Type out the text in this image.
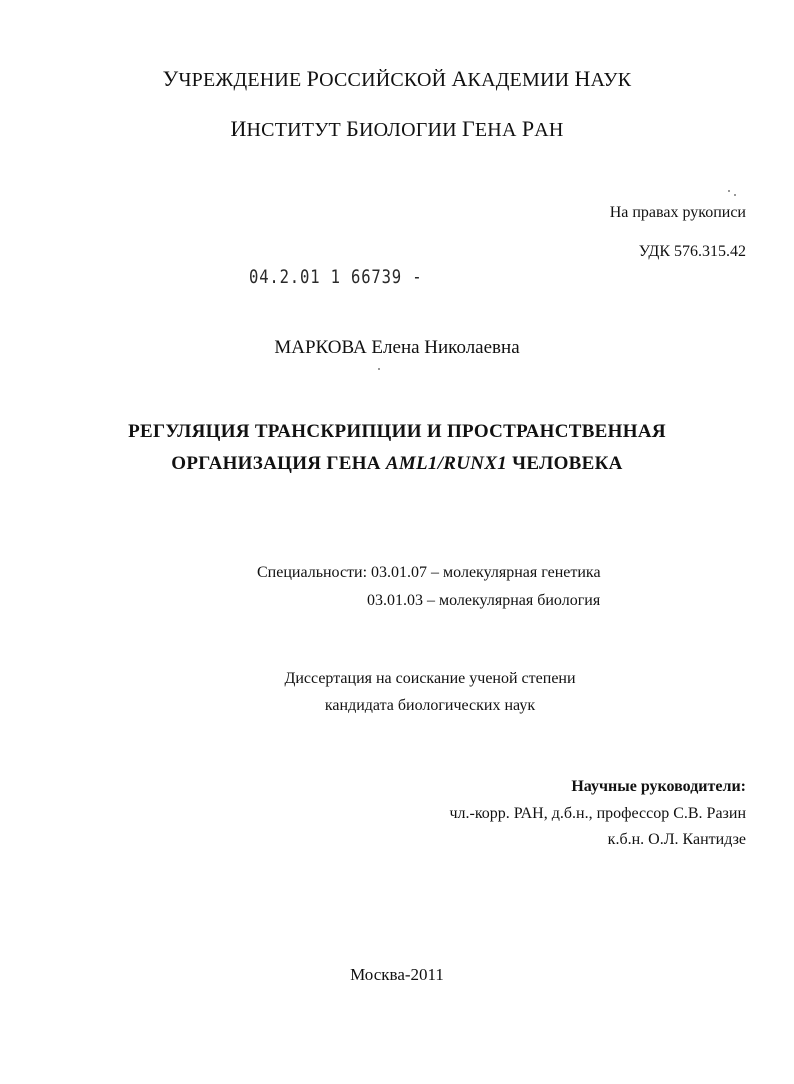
УЧРЕЖДЕНИЕ РОССИЙСКОЙ АКАДЕМИИ НАУК
ИНСТИТУТ БИОЛОГИИ ГЕНА РАН
На правах рукописи
УДК 576.315.42
04.2.01 1 66739 -
МАРКОВА Елена Николаевна
РЕГУЛЯЦИЯ ТРАНСКРИПЦИИ И ПРОСТРАНСТВЕННАЯ
ОРГАНИЗАЦИЯ ГЕНА AML1/RUNX1 ЧЕЛОВЕКА
Специальности: 03.01.07 – молекулярная генетика
03.01.03 – молекулярная биология
Диссертация на соискание ученой степени
кандидата биологических наук
Научные руководители:
чл.-корр. РАН, д.б.н., профессор С.В. Разин
к.б.н. О.Л. Кантидзе
Москва-2011
